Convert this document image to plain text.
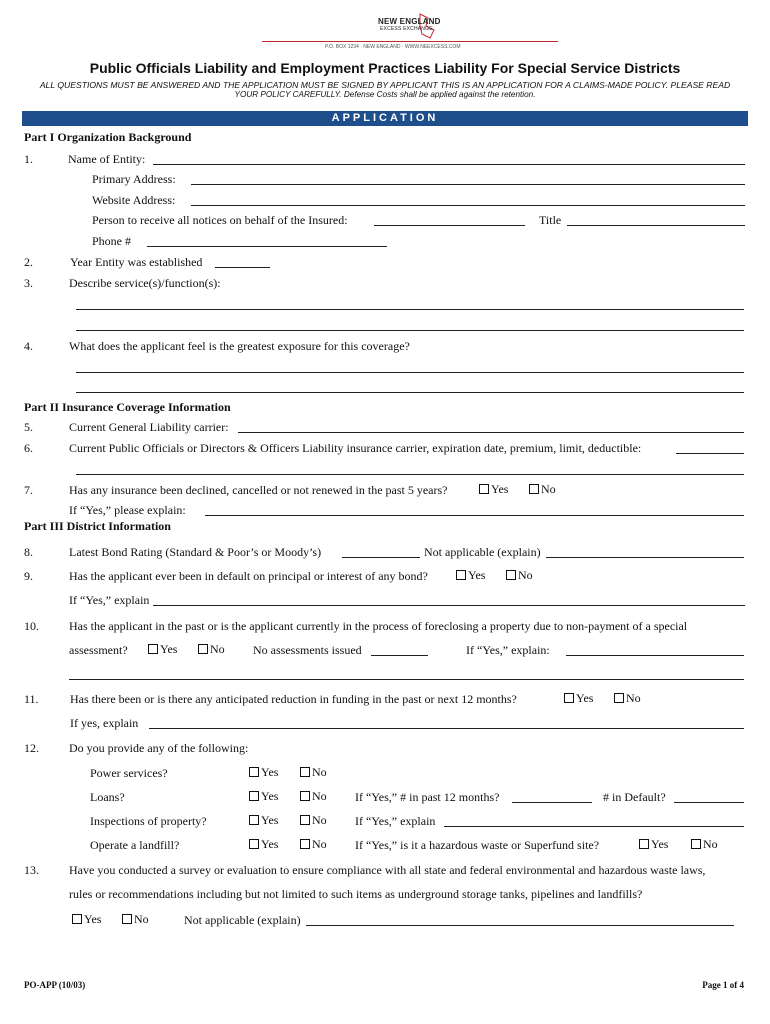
NEW ENGLAND
EXCESS EXCHANGE
P.O. BOX 1234 · NEW ENGLAND · WWW.NEEXCESS.COM
Public Officials Liability and Employment Practices Liability For Special Service Districts
ALL QUESTIONS MUST BE ANSWERED AND THE APPLICATION MUST BE SIGNED BY APPLICANT THIS IS AN APPLICATION FOR A CLAIMS-MADE POLICY. PLEASE READ
YOUR POLICY CAREFULLY. Defense Costs shall be applied against the retention.
APPLICATION
Part I Organization Background
1.	Name of Entity:
Primary Address:
Website Address:
Person to receive all notices on behalf of the Insured:	Title
Phone #
2.	Year Entity was established
3.	Describe service(s)/function(s):
4.	What does the applicant feel is the greatest exposure for this coverage?
Part II Insurance Coverage Information
5.	Current General Liability carrier:
6.	Current Public Officials or Directors & Officers Liability insurance carrier, expiration date, premium, limit, deductible:
7.	Has any insurance been declined, cancelled or not renewed in the past 5 years?	Yes	No
If “Yes,” please explain:
Part III District Information
8.	Latest Bond Rating (Standard & Poor’s or Moody’s)	Not applicable (explain)
9.	Has the applicant ever been in default on principal or interest of any bond?	Yes	No
If “Yes,” explain
10.	Has the applicant in the past or is the applicant currently in the process of foreclosing a property due to non-payment of a special
assessment?	Yes	No No assessments issued	If “Yes,” explain:
11.	Has there been or is there any anticipated reduction in funding in the past or next 12 months?	Yes	No
If yes, explain
12.	Do you provide any of the following:
Power services?	Yes	No
Loans?	Yes	No If “Yes,” # in past 12 months?	# in Default?
Inspections of property?	Yes	No If “Yes,” explain
Operate a landfill?	Yes	No If “Yes,” is it a hazardous waste or Superfund site?	Yes	No
13.	Have you conducted a survey or evaluation to ensure compliance with all state and federal environmental and hazardous waste laws,
rules or recommendations including but not limited to such items as underground storage tanks, pipelines and landfills?
Yes	No	Not applicable (explain)
PO-APP (10/03)	Page 1 of 4
